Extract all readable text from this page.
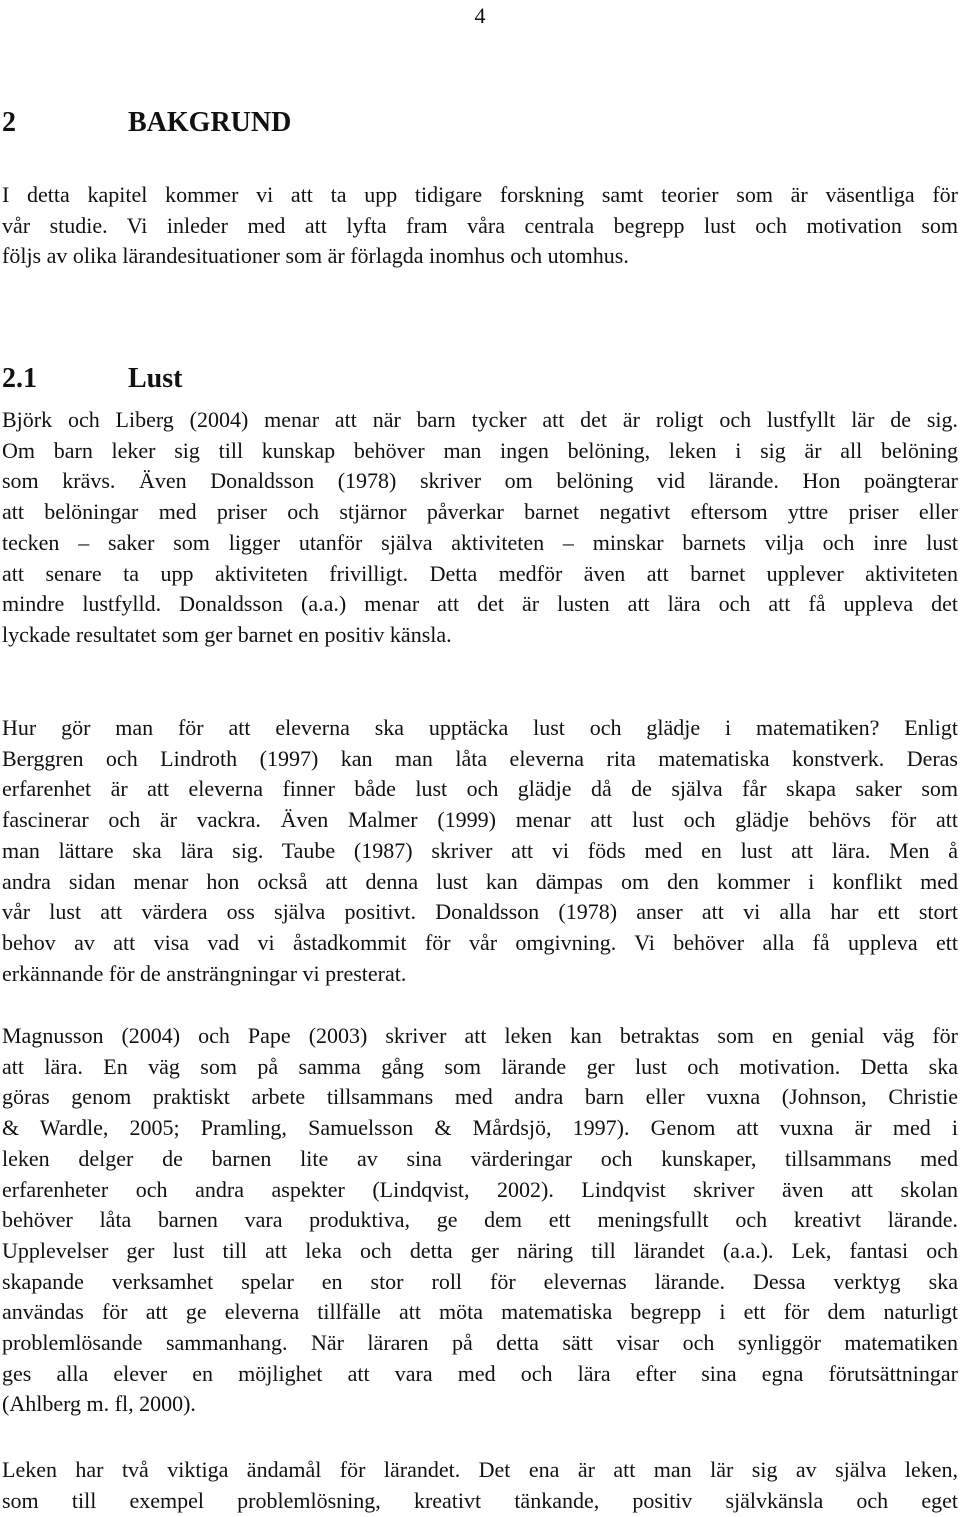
4
2	BAKGRUND

I detta kapitel kommer vi att ta upp tidigare forskning samt teorier som är väsentliga för
vår studie. Vi inleder med att lyfta fram våra centrala begrepp lust och motivation som
följs av olika lärandesituationer som är förlagda inomhus och utomhus.

2.1	Lust

Björk och Liberg (2004) menar att när barn tycker att det är roligt och lustfyllt lär de sig.
Om barn leker sig till kunskap behöver man ingen belöning, leken i sig är all belöning
som krävs. Även Donaldsson (1978) skriver om belöning vid lärande. Hon poängterar
att belöningar med priser och stjärnor påverkar barnet negativt eftersom yttre priser eller
tecken – saker som ligger utanför själva aktiviteten – minskar barnets vilja och inre lust
att senare ta upp aktiviteten frivilligt. Detta medför även att barnet upplever aktiviteten
mindre lustfylld. Donaldsson (a.a.) menar att det är lusten att lära och att få uppleva det
lyckade resultatet som ger barnet en positiv känsla.

Hur gör man för att eleverna ska upptäcka lust och glädje i matematiken? Enligt
Berggren och Lindroth (1997) kan man låta eleverna rita matematiska konstverk. Deras
erfarenhet är att eleverna finner både lust och glädje då de själva får skapa saker som
fascinerar och är vackra. Även Malmer (1999) menar att lust och glädje behövs för att
man lättare ska lära sig. Taube (1987) skriver att vi föds med en lust att lära. Men å
andra sidan menar hon också att denna lust kan dämpas om den kommer i konflikt med
vår lust att värdera oss själva positivt. Donaldsson (1978) anser att vi alla har ett stort
behov av att visa vad vi åstadkommit för vår omgivning. Vi behöver alla få uppleva ett
erkännande för de ansträngningar vi presterat.

Magnusson (2004) och Pape (2003) skriver att leken kan betraktas som en genial väg för
att lära. En väg som på samma gång som lärande ger lust och motivation. Detta ska
göras genom praktiskt arbete tillsammans med andra barn eller vuxna (Johnson, Christie
& Wardle, 2005; Pramling, Samuelsson & Mårdsjö, 1997). Genom att vuxna är med i
leken delger de barnen lite av sina värderingar och kunskaper, tillsammans med
erfarenheter och andra aspekter (Lindqvist, 2002). Lindqvist skriver även att skolan
behöver låta barnen vara produktiva, ge dem ett meningsfullt och kreativt lärande.
Upplevelser ger lust till att leka och detta ger näring till lärandet (a.a.). Lek, fantasi och
skapande verksamhet spelar en stor roll för elevernas lärande. Dessa verktyg ska
användas för att ge eleverna tillfälle att möta matematiska begrepp i ett för dem naturligt
problemlösande sammanhang. När läraren på detta sätt visar och synliggör matematiken
ges alla elever en möjlighet att vara med och lära efter sina egna förutsättningar
(Ahlberg m. fl, 2000).

Leken har två viktiga ändamål för lärandet. Det ena är att man lär sig av själva leken,
som till exempel problemlösning, kreativt tänkande, positiv självkänsla och eget
